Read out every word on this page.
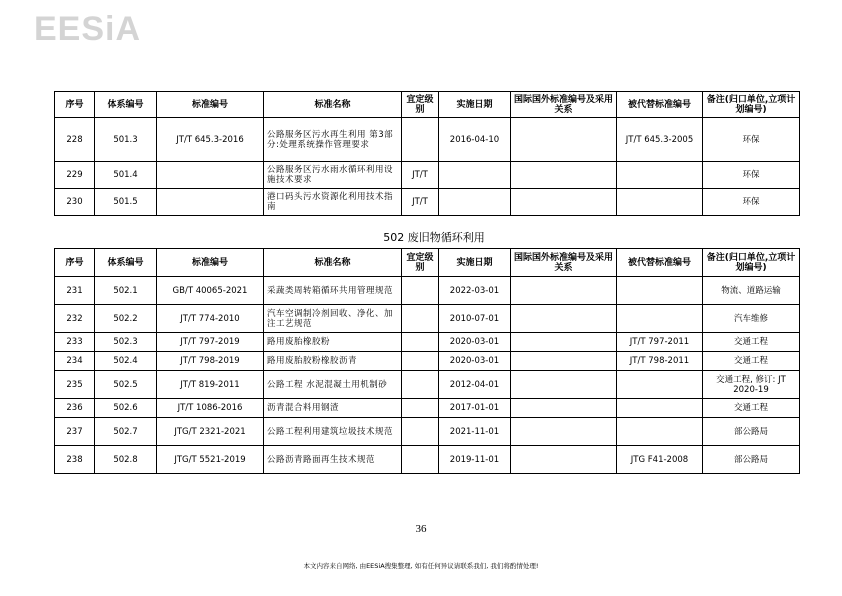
EESiA
序号	体系编号	标准编号	标准名称	宜定级别	实施日期	国际国外标准编号及采用关系	被代替标准编号	备注(归口单位,立项计划编号)
228	501.3	JT/T 645.3-2016	公路服务区污水再生利用 第3部分:处理系统操作管理要求		2016-04-10		JT/T 645.3-2005	环保
229	501.4		公路服务区污水雨水循环利用设施技术要求	JT/T				环保
230	501.5		港口码头污水资源化利用技术指南	JT/T				环保
502 废旧物循环利用
序号	体系编号	标准编号	标准名称	宜定级别	实施日期	国际国外标准编号及采用关系	被代替标准编号	备注(归口单位,立项计划编号)
231	502.1	GB/T 40065-2021	采蔬类周转箱循环共用管理规范		2022-03-01			物流、道路运输
232	502.2	JT/T 774-2010	汽车空调制冷剂回收、净化、加注工艺规范		2010-07-01			汽车维修
233	502.3	JT/T 797-2019	路用废胎橡胶粉		2020-03-01		JT/T 797-2011	交通工程
234	502.4	JT/T 798-2019	路用废胎胶粉橡胶沥青		2020-03-01		JT/T 798-2011	交通工程
235	502.5	JT/T 819-2011	公路工程 水泥混凝土用机制砂		2012-04-01			交通工程, 修订: JT 2020-19
236	502.6	JT/T 1086-2016	沥青混合料用钢渣		2017-01-01			交通工程
237	502.7	JTG/T 2321-2021	公路工程利用建筑垃圾技术规范		2021-11-01			部公路局
238	502.8	JTG/T 5521-2019	公路沥青路面再生技术规范		2019-11-01		JTG F41-2008	部公路局
36
本文内容来自网络, 由EESiA搜集整理, 如有任何异议请联系我们, 我们将酌情处理!
